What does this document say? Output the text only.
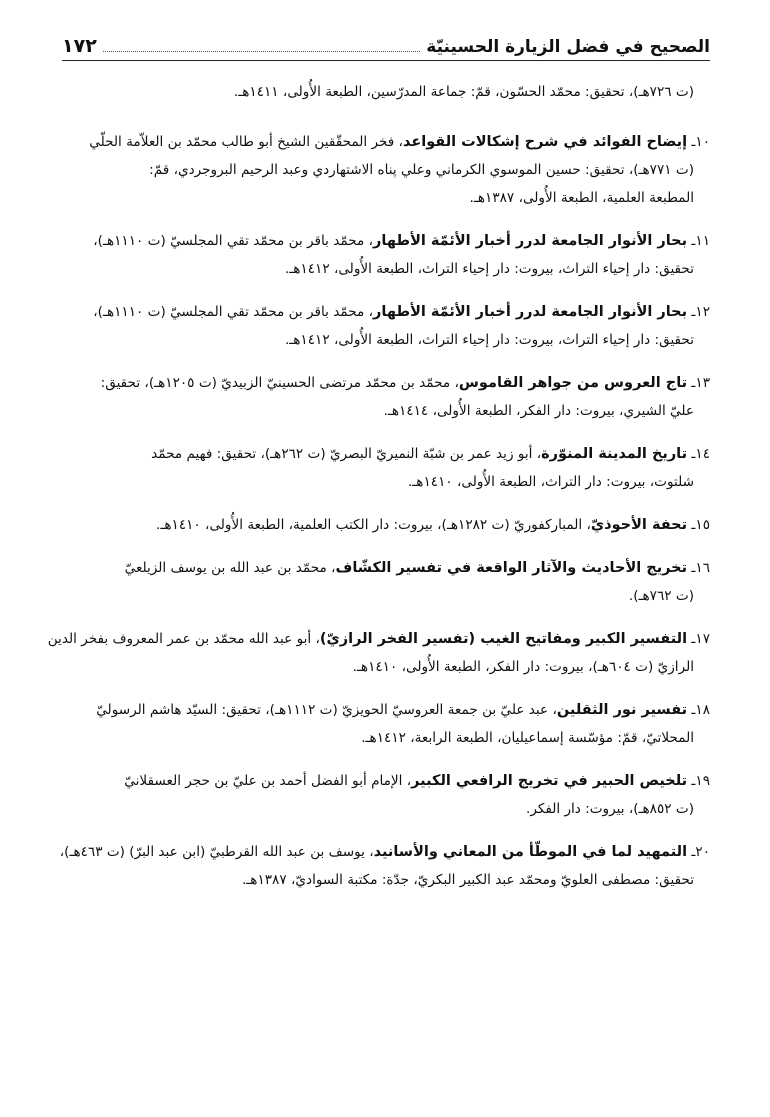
الصحيح في فضل الزيارة الحسينيّة
١٧٢
(ت ٧٢٦هـ)، تحقيق: محمّد الحسّون، قمّ: جماعة المدرّسين، الطبعة الأُولى، ١٤١١هـ.
١٠ـ إيضاح الفوائد في شرح إشكالات القواعد، فخر المحقّقين الشيخ أبو طالب محمّد بن العلاّمة الحلّي
(ت ٧٧١هـ)، تحقيق: حسين الموسوي الكرماني وعلي پناه الاشتهاردي وعبد الرحيم البروجردي، قمّ:
المطبعة العلمية، الطبعة الأُولى، ١٣٨٧هـ.
١١ـ بحار الأنوار الجامعة لدرر أخبار الأئمّة الأطهار، محمّد باقر بن محمّد تقي المجلسيّ (ت ١١١٠هـ)،
تحقيق: دار إحياء التراث، بيروت: دار إحياء التراث، الطبعة الأُولى، ١٤١٢هـ.
١٢ـ بحار الأنوار الجامعة لدرر أخبار الأئمّة الأطهار، محمّد باقر بن محمّد تقي المجلسيّ (ت ١١١٠هـ)،
تحقيق: دار إحياء التراث، بيروت: دار إحياء التراث، الطبعة الأُولى، ١٤١٢هـ.
١٣ـ تاج العروس من جواهر القاموس، محمّد بن محمّد مرتضى الحسينيّ الزبيديّ (ت ١٢٠٥هـ)، تحقيق:
عليّ الشيري، بيروت: دار الفكر، الطبعة الأُولى، ١٤١٤هـ.
١٤ـ تاريخ المدينة المنوّرة، أبو زيد عمر بن شبّة النميريّ البصريّ (ت ٢٦٢هـ)، تحقيق: فهيم محمّد
شلتوت، بيروت: دار التراث، الطبعة الأُولى، ١٤١٠هـ.
١٥ـ تحفة الأحوذيّ، المباركفوريّ (ت ١٢٨٢هـ)، بيروت: دار الكتب العلمية، الطبعة الأُولى، ١٤١٠هـ.
١٦ـ تخريج الأحاديث والآثار الواقعة في تفسير الكشّاف، محمّد بن عبد الله بن يوسف الزيلعيّ
(ت ٧٦٢هـ).
١٧ـ التفسير الكبير ومفاتيح الغيب (تفسير الفخر الرازيّ)، أبو عبد الله محمّد بن عمر المعروف بفخر الدين
الرازيّ (ت ٦٠٤هـ)، بيروت: دار الفكر، الطبعة الأُولى، ١٤١٠هـ.
١٨ـ تفسير نور الثقلين، عبد عليّ بن جمعة العروسيّ الحويزيّ (ت ١١١٢هـ)، تحقيق: السيّد هاشم الرسوليّ
المحلاتيّ، قمّ: مؤسّسة إسماعيليان، الطبعة الرابعة، ١٤١٢هـ.
١٩ـ تلخيص الحبير في تخريج الرافعي الكبير، الإمام أبو الفضل أحمد بن عليّ بن حجر العسقلانيّ
(ت ٨٥٢هـ)، بيروت: دار الفكر.
٢٠ـ التمهيد لما في الموطّأ من المعاني والأسانيد، يوسف بن عبد الله القرطبيّ (ابن عبد البرّ) (ت ٤٦٣هـ)،
تحقيق: مصطفى العلويّ ومحمّد عبد الكبير البكريّ، جدّة: مكتبة السواديّ، ١٣٨٧هـ.
